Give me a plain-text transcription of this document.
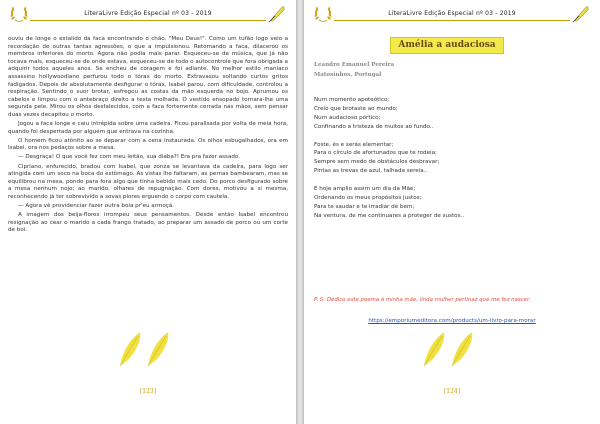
LiteraLivre Edição Especial nº 03 - 2019

ouviu de longe o estalido da faca encontrando o chão. "Meu Deus!". Como um tufão logo veio a recordação de outras tantas agressões, o que a impulsionou. Retomando a faca, dilacerou os membros inferiores do morto. Agora não podia mais parar. Esqueceu-se da música, que já não tocava mais, esqueceu-se de onde estava, esqueceu-se de todo o autocontrole que fora obrigada a adquirir todos aqueles anos. Se encheu de coragem e foi adiante. No melhor estilo maníaco assassino hollywoodiano perfurou todo o tórax do morto. Extravasou soltando curtos gritos fadigados. Depois de absolutamente desfigurar o tórax, Isabel parou, com dificuldade, controlou a respiração. Sentindo o suor brotar, esfregou as costas da mão esquerda no bojo. Aprumou os cabelos e limpou com o antebraço direito a testa molhada. O vestido ensopado tornara-lhe uma segunda pele. Mirou os olhos desfalecidos, com a faca fortemente cerrada nas mãos, sem pensar duas vezes decapitou o morto.

Jogou a faca longe e caiu intrépida sobre uma cadeira. Ficou paralisada por volta de meia hora, quando foi despertada por alguém que entrava na cozinha.

O homem ficou atônito ao se deparar com a cena instaurada. Os olhos esbugalhados, ora em Isabel, ora nos pedaços sobre a mesa.

— Desgraça! O que você fez com meu leitão, sua diaba?! Era pra fazer assado.

Cipriano, enfurecido, bradou com Isabel, que zonza se levantava da cadeira, para logo ser atingida com um soco na boca do estômago. As vistas lhe faltaram, as pernas bambearam, mas se equilibrou na mesa, pondo para fora algo que tinha bebido mais cedo. Do porco desfigurado sobre a mesa nenhum nojo; ao marido, olhares de repugnação. Com dores, motivou a si mesma, reconhecendo já ter sobrevivido a sovas piores erguendo o corpo com cautela.

— Agora vê providenciar fazer outra boia pr'eu armoçá.

A imagem dos beija-flores irrompeu seus pensamentos. Desde então Isabel encontrou resignação ao cear o marido a cada frango tratado, ao preparar um assado de porco ou um corte de boi.

[123]
LiteraLivre Edição Especial nº 03 - 2019
Amélia a audaciosa
Leandro Emanuel Pereira
Matosinhos, Portugal
Num momento apoteótico;
Creio que brotaste ao mundo;
Num audacioso pórtico;
Confinando a tristeza de muitos ao fundo..
Foste, és e serás elementar;
Para o círculo de afortunados que te rodeia;
Sempre sem medo de obstáculos desbravar;
Pintas as trevas de azul, talhada sereia..
E hoje amplio assim um dia da Mãe;
Ordenando os meus propósitos justos;
Para te saudar e te irradiar de bem;
Na ventura, de me continuares a proteger de sustos..
P. S: Dedico este poema à minha mãe, linda mulher pertinaz que me fez nascer.
https://emporiumeditora.com/products/um-livro-para-morar
[124]
